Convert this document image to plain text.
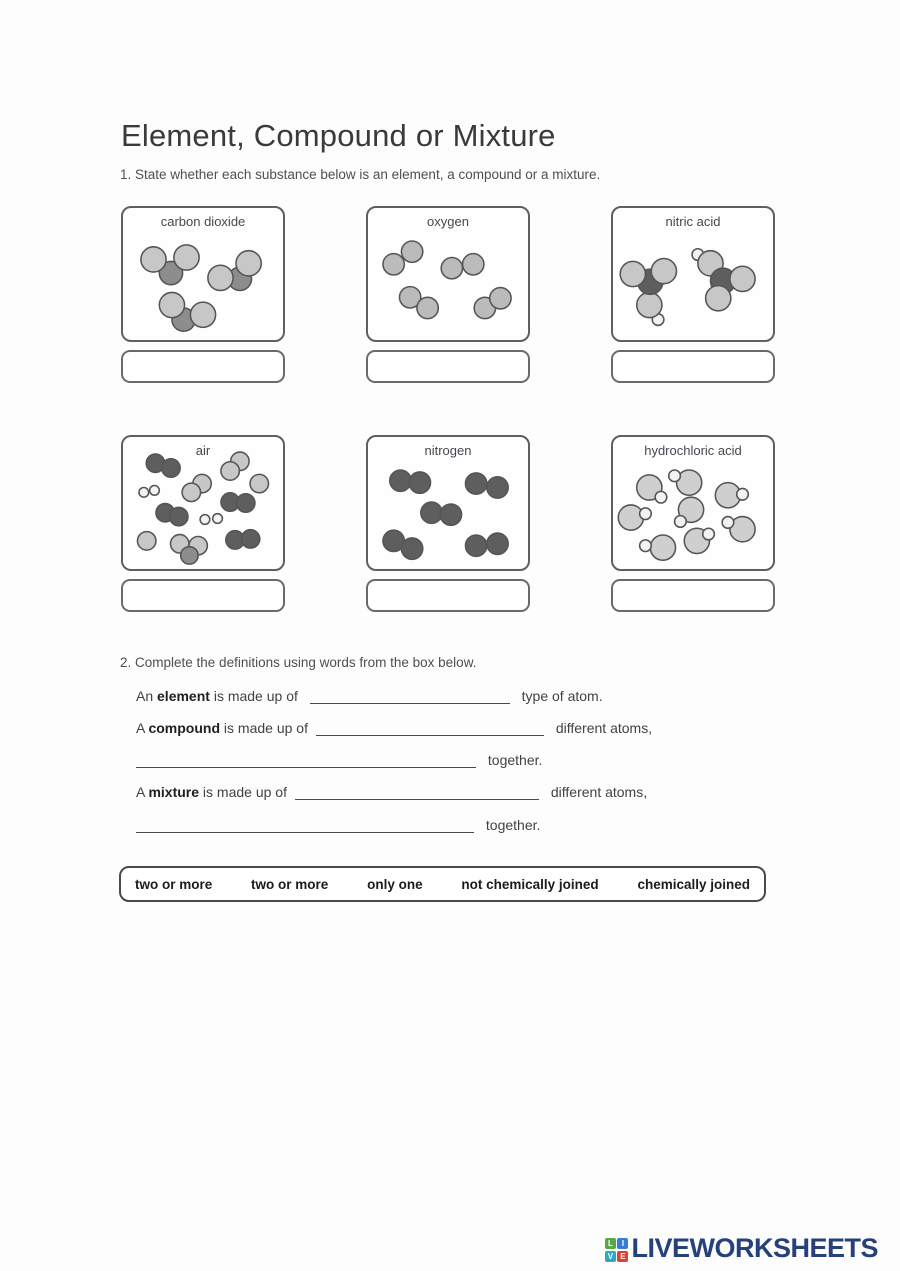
Element, Compound or Mixture
1. State whether each substance below is an element, a compound or a mixture.
carbon dioxide	oxygen	nitric acid
air	nitrogen	hydrochloric acid
2. Complete the definitions using words from the box below.
An element is made up of	type of atom.
A compound is made up of	different atoms,
together.
A mixture is made up of	different atoms,
together.
two or more	two or more	only one	not chemically joined	chemically joined
L	I
V E LIVEWORKSHEETS
